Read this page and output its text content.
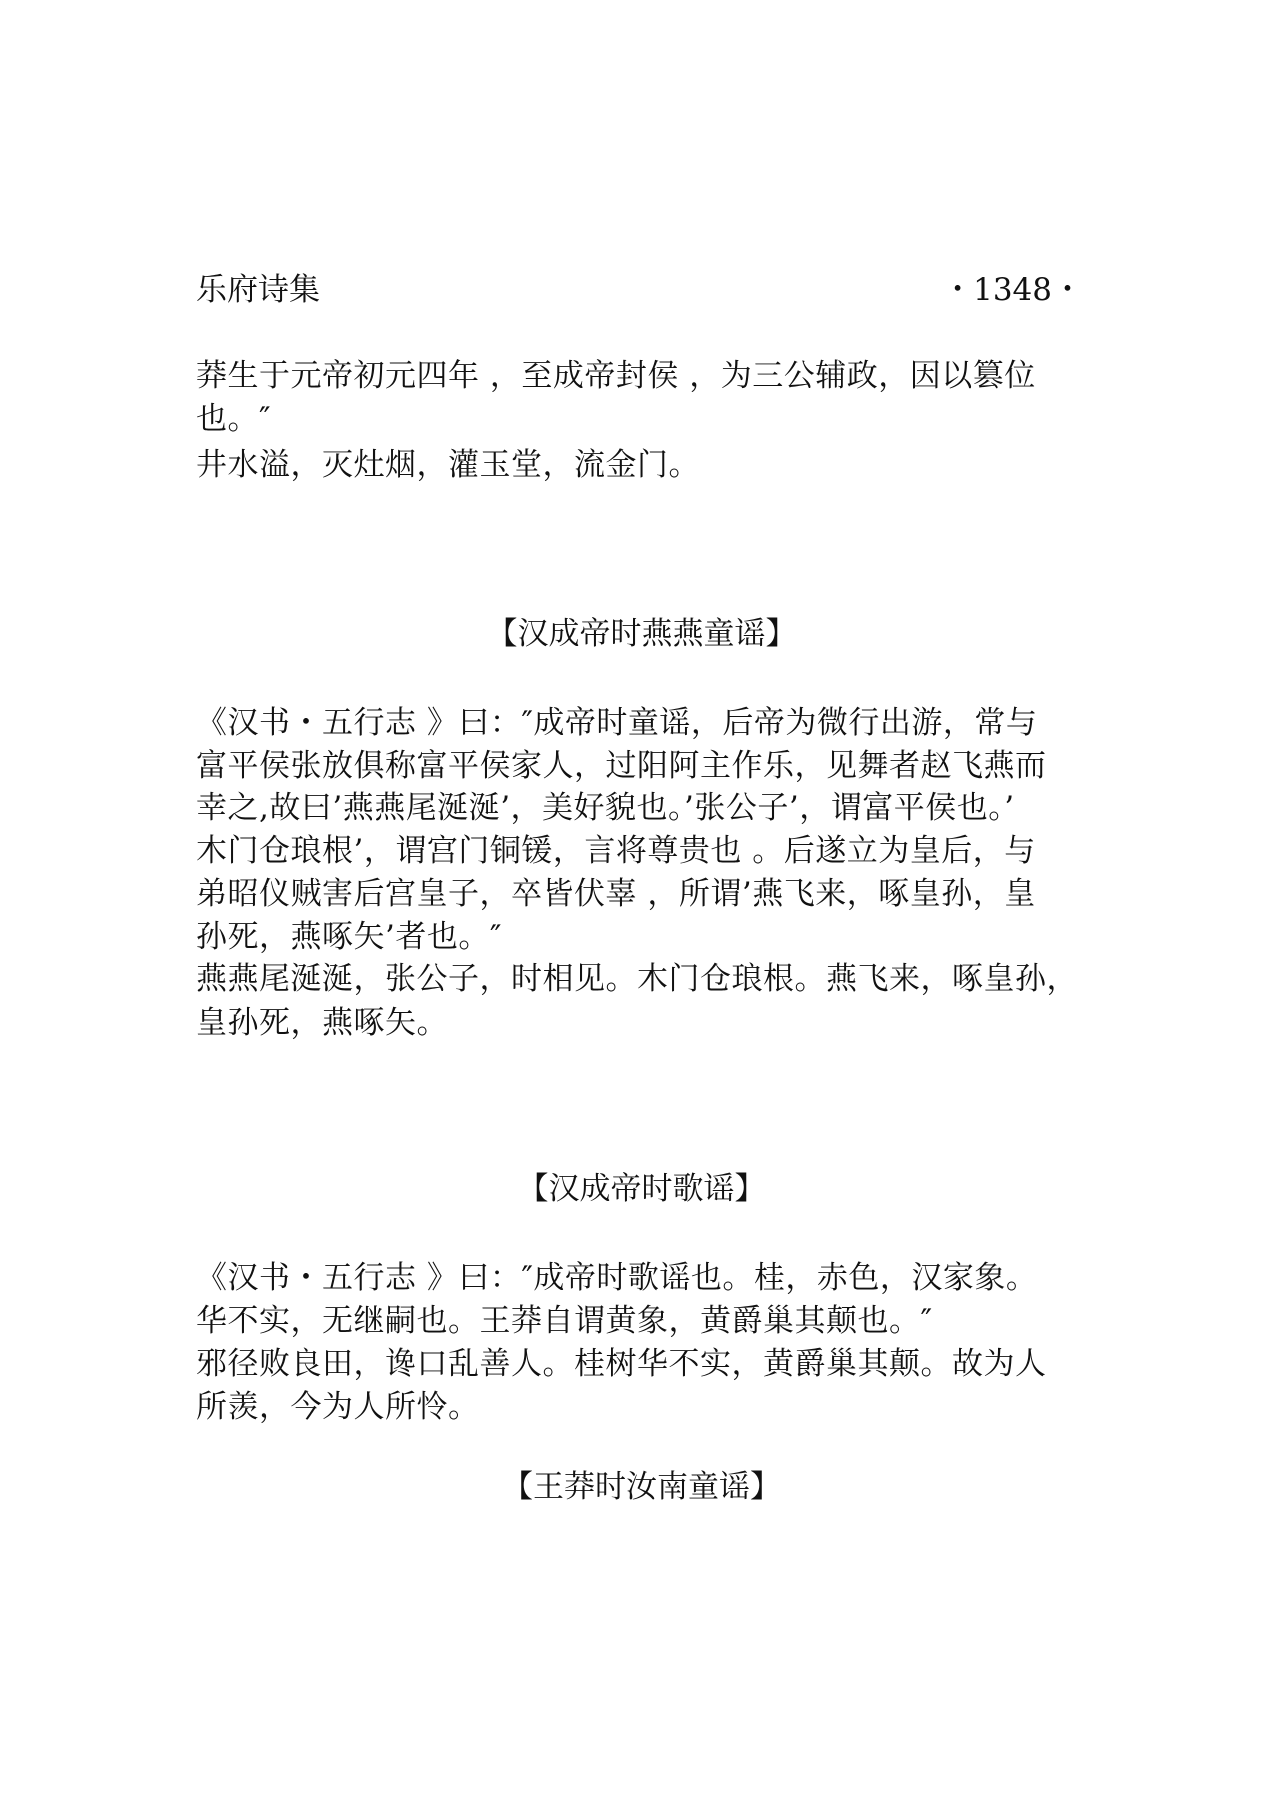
乐府诗集	・1348・
莽生于元帝初元四年 ，至成帝封侯 ，为三公辅政，因以篡位
也。″
井水溢，灭灶烟，灌玉堂，流金门。
【汉成帝时燕燕童谣】
《汉书・五行志 》曰：″成帝时童谣，后帝为微行出游，常与
富平侯张放俱称富平侯家人，过阳阿主作乐，见舞者赵飞燕而
幸之,故曰’燕燕尾涎涎’，美好貌也。’张公子’，谓富平侯也。’
木门仓琅根’，谓宫门铜锾，言将尊贵也 。后遂立为皇后，与
弟昭仪贼害后宫皇子，卒皆伏辜 ，所谓’燕飞来，啄皇孙，皇
孙死，燕啄矢’者也。″
燕燕尾涎涎，张公子，时相见。木门仓琅根。燕飞来，啄皇孙，
皇孙死，燕啄矢。
【汉成帝时歌谣】
《汉书・五行志 》曰：″成帝时歌谣也。桂，赤色，汉家象。
华不实，无继嗣也。王莽自谓黄象，黄爵巢其颠也。″
邪径败良田，谗口乱善人。桂树华不实，黄爵巢其颠。故为人
所羡，今为人所怜。
【王莽时汝南童谣】
